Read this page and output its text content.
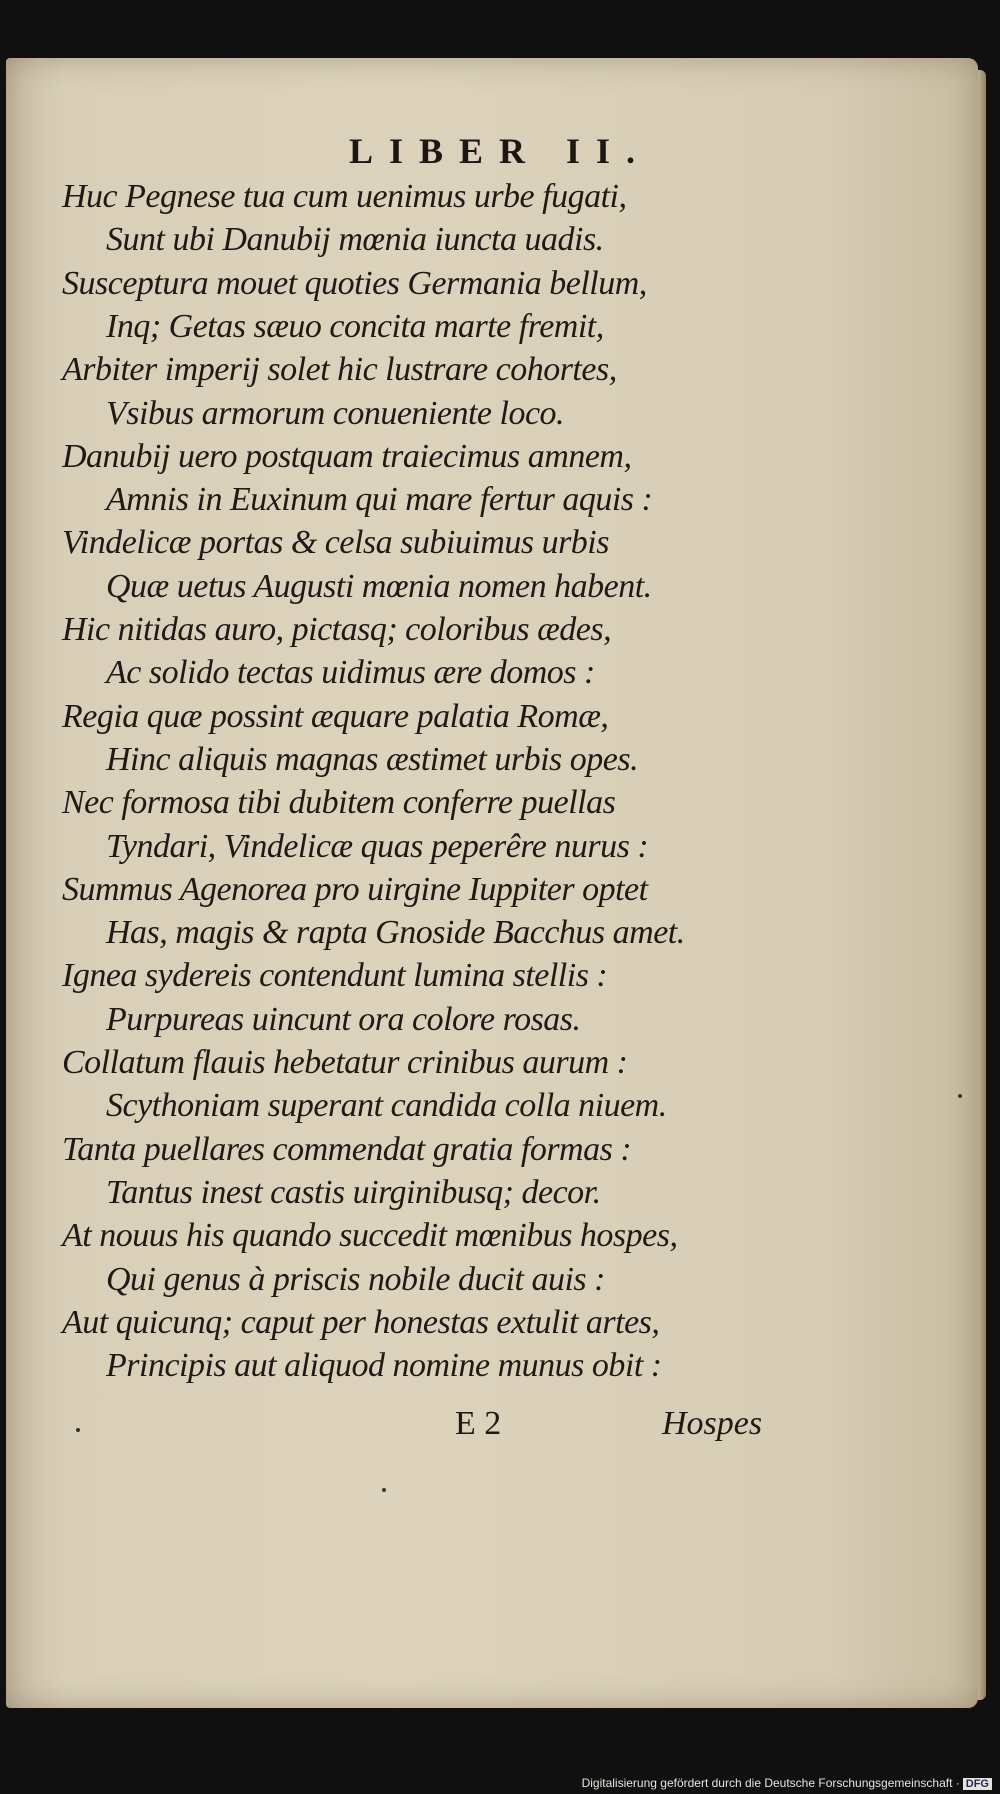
LIBER II.
Huc Pegnese tua cum uenimus urbe fugati,
Sunt ubi Danubij mœnia iuncta uadis.
Susceptura mouet quoties Germania bellum,
Inq; Getas sæuo concita marte fremit,
Arbiter imperij solet hic lustrare cohortes,
Vsibus armorum conueniente loco.
Danubij uero postquam traiecimus amnem,
Amnis in Euxinum qui mare fertur aquis :
Vindelicæ portas & celsa subiuimus urbis
Quæ uetus Augusti mœnia nomen habent.
Hic nitidas auro, pictasq; coloribus ædes,
Ac solido tectas uidimus ære domos :
Regia quæ possint æquare palatia Romæ,
Hinc aliquis magnas æstimet urbis opes.
Nec formosa tibi dubitem conferre puellas
Tyndari, Vindelicæ quas peperêre nurus :
Summus Agenorea pro uirgine Iuppiter optet
Has, magis & rapta Gnoside Bacchus amet.
Ignea sydereis contendunt lumina stellis :
Purpureas uincunt ora colore rosas.
Collatum flauis hebetatur crinibus aurum :
Scythoniam superant candida colla niuem.
Tanta puellares commendat gratia formas :
Tantus inest castis uirginibusq; decor.
At nouus his quando succedit mœnibus hospes,
Qui genus à priscis nobile ducit auis :
Aut quicunq; caput per honestas extulit artes,
Principis aut aliquod nomine munus obit :
E 2	Hospes
Digitalisierung gefördert durch die Deutsche Forschungsgemeinschaft · DFG
